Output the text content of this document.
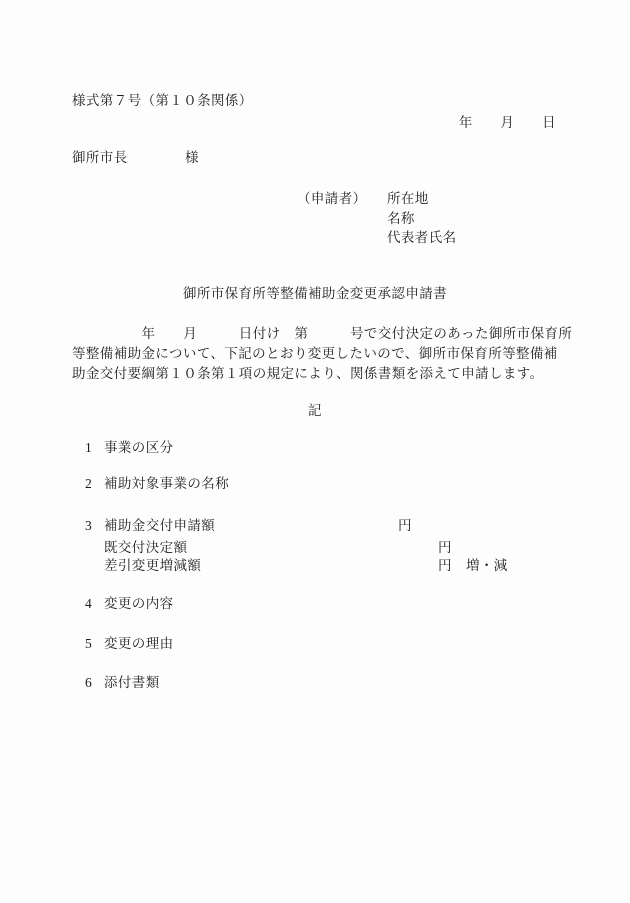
様式第７号（第１０条関係）
年　　月　　日
御所市長	様
（申請者） 所在地
名称
代表者氏名
御所市保育所等整備補助金変更承認申請書
　　　　　年　　月　　　日付け　第　　　号で交付決定のあった御所市保育所
等整備補助金について、下記のとおり変更したいので、御所市保育所等整備補
助金交付要綱第１０条第１項の規定により、関係書類を添えて申請します。
記
1 事業の区分
2 補助対象事業の名称
3 補助金交付申請額	円
既交付決定額	円
差引変更増減額	円 増・減
4 変更の内容
5 変更の理由
6 添付書類
